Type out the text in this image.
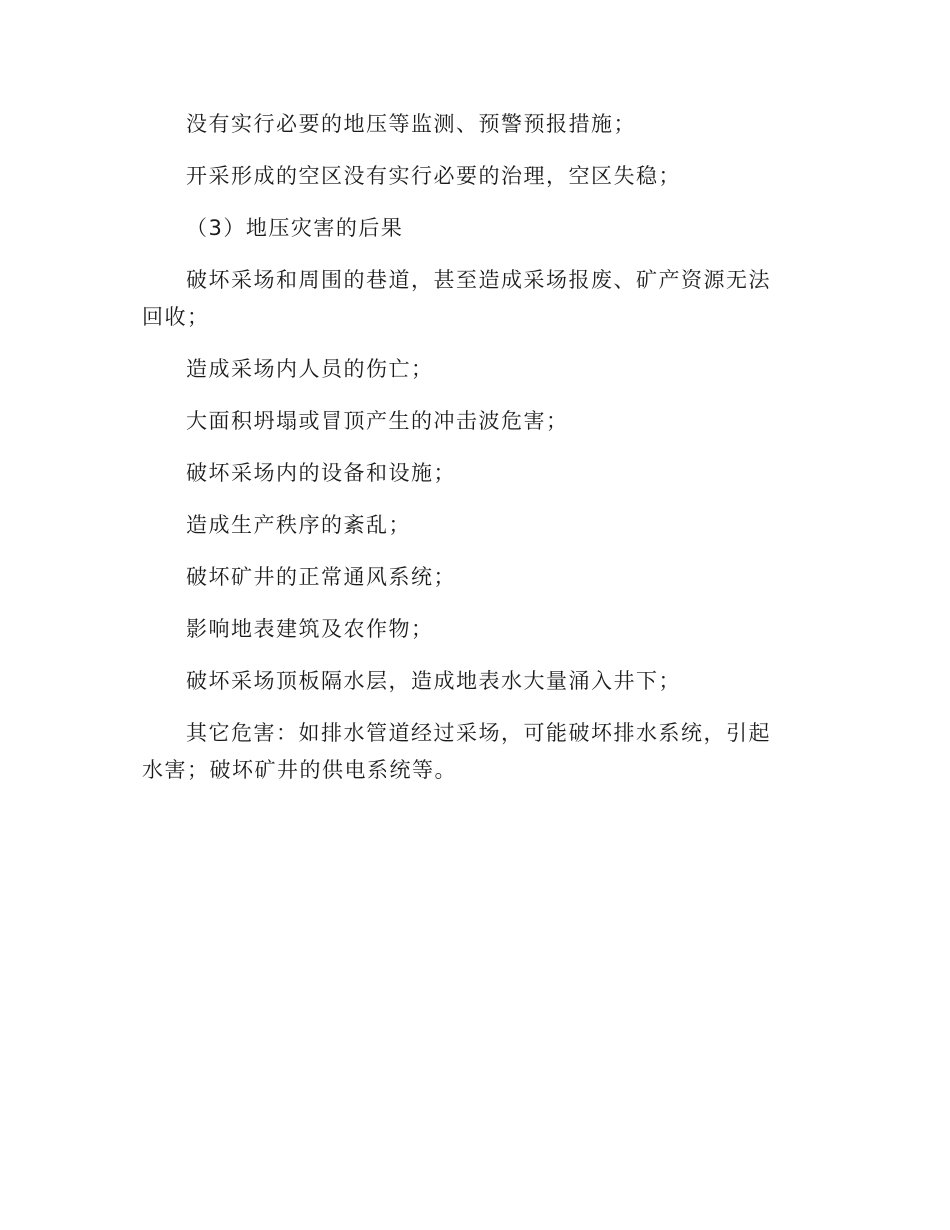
没有实行必要的地压等监测、预警预报措施；

开采形成的空区没有实行必要的治理，空区失稳；

（3）地压灾害的后果

破坏采场和周围的巷道，甚至造成采场报废、矿产资源无法回收；

造成采场内人员的伤亡；

大面积坍塌或冒顶产生的冲击波危害；

破坏采场内的设备和设施；

造成生产秩序的紊乱；

破坏矿井的正常通风系统；

影响地表建筑及农作物；

破坏采场顶板隔水层，造成地表水大量涌入井下；

其它危害：如排水管道经过采场，可能破坏排水系统，引起水害；破坏矿井的供电系统等。
